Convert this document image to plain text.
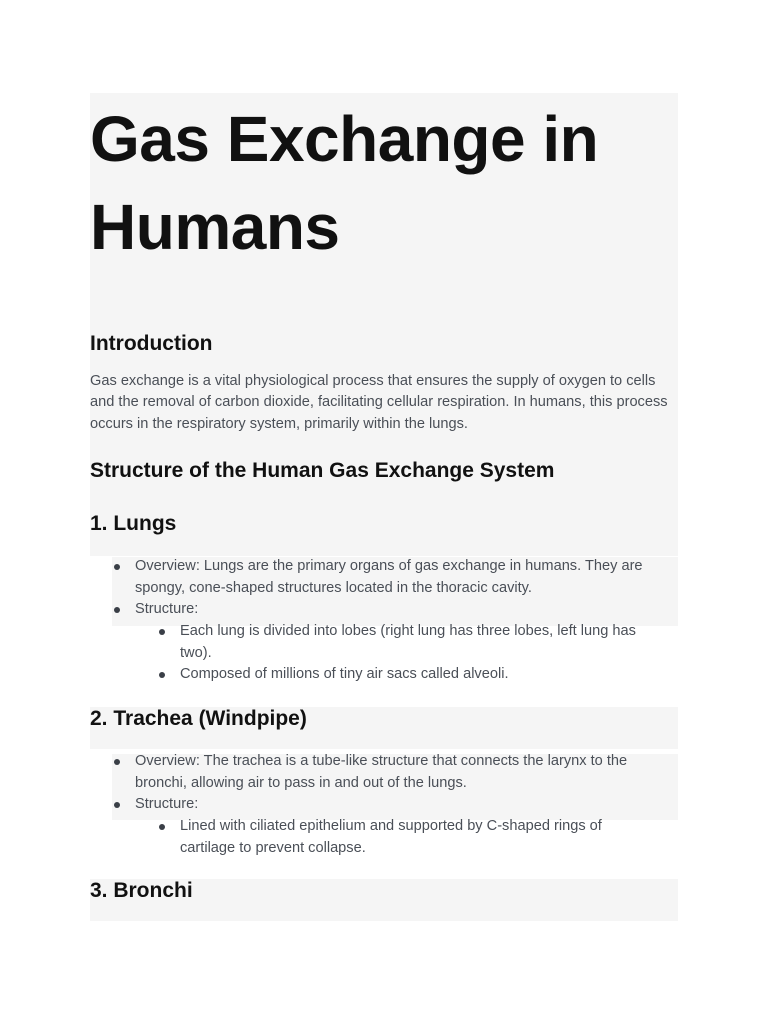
Gas Exchange in Humans
Introduction

Gas exchange is a vital physiological process that ensures the supply of oxygen to cells and the removal of carbon dioxide, facilitating cellular respiration. In humans, this process occurs in the respiratory system, primarily within the lungs.

Structure of the Human Gas Exchange System
1. Lungs
Overview: Lungs are the primary organs of gas exchange in humans. They are spongy, cone-shaped structures located in the thoracic cavity.
Structure:
Each lung is divided into lobes (right lung has three lobes, left lung has two).
Composed of millions of tiny air sacs called alveoli.
2. Trachea (Windpipe)
Overview: The trachea is a tube-like structure that connects the larynx to the bronchi, allowing air to pass in and out of the lungs.
Structure:
Lined with ciliated epithelium and supported by C-shaped rings of cartilage to prevent collapse.
3. Bronchi
